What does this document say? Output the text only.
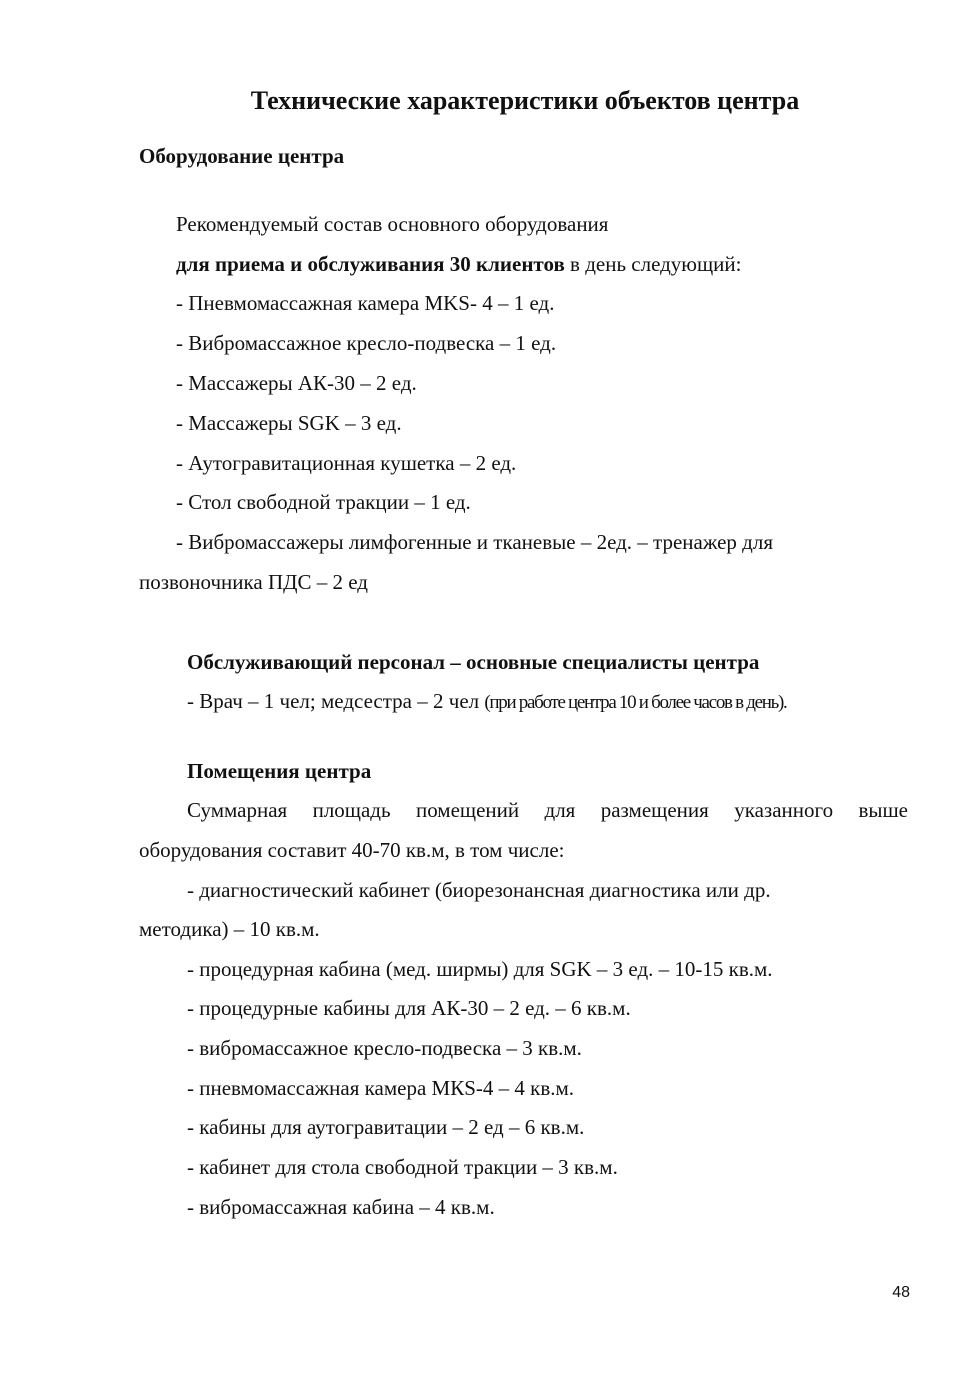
Технические характеристики объектов центра
Оборудование центра
Рекомендуемый состав основного оборудования
для приема и обслуживания 30 клиентов в день следующий:
- Пневмомассажная камера MKS- 4 – 1 ед.
- Вибромассажное кресло-подвеска – 1 ед.
- Массажеры АК-30 – 2 ед.
- Массажеры SGK – 3 ед.
- Аутогравитационная кушетка – 2 ед.
- Стол свободной тракции – 1 ед.
- Вибромассажеры лимфогенные и тканевые – 2ед. – тренажер для
позвоночника ПДС – 2 ед
Обслуживающий персонал – основные специалисты центра
- Врач – 1 чел; медсестра – 2 чел (при работе центра 10 и более часов в день).
Помещения центра
Суммарная площадь помещений для размещения указанного выше
оборудования составит 40-70 кв.м, в том числе:
- диагностический кабинет (биорезонансная диагностика или др.
методика) – 10 кв.м.
- процедурная кабина (мед. ширмы) для SGK – 3 ед. – 10-15 кв.м.
- процедурные кабины для АК-30 – 2 ед. – 6 кв.м.
- вибромассажное кресло-подвеска – 3 кв.м.
- пневмомассажная камера МКS-4 – 4 кв.м.
- кабины для аутогравитации – 2 ед – 6 кв.м.
- кабинет для стола свободной тракции – 3 кв.м.
- вибромассажная кабина – 4 кв.м.
48
